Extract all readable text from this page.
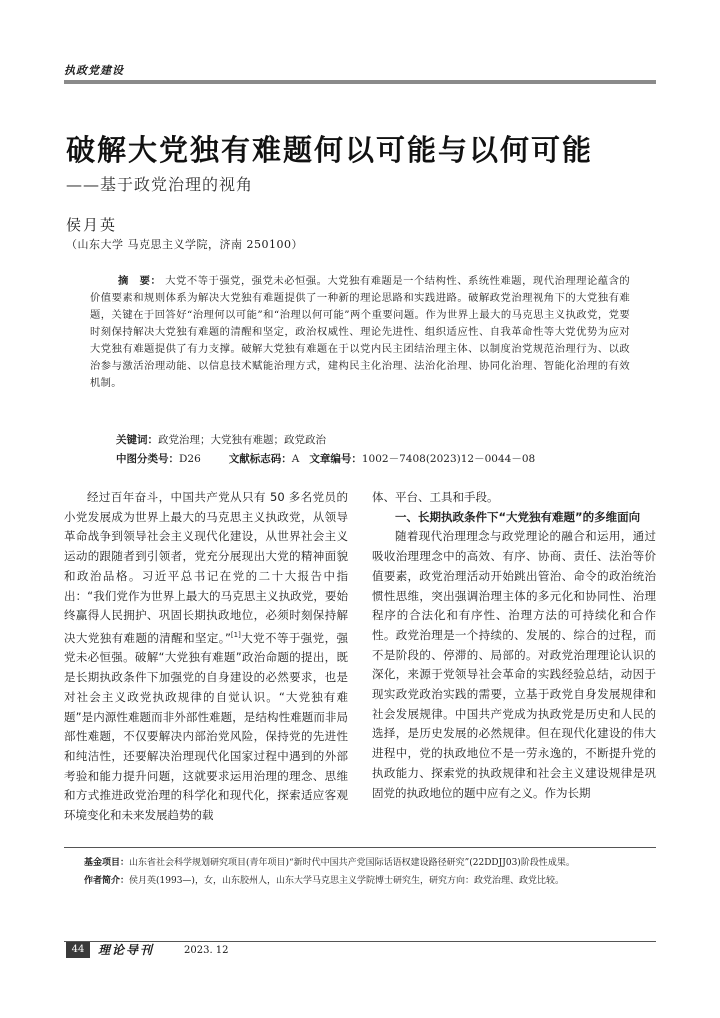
执政党建设
破解大党独有难题何以可能与以何可能
——基于政党治理的视角
侯月英
（山东大学 马克思主义学院，济南 250100）
摘　要： 大党不等于强党，强党未必恒强。大党独有难题是一个结构性、系统性难题，现代治理理论蕴含的价值要素和规则体系为解决大党独有难题提供了一种新的理论思路和实践进路。破解政党治理视角下的大党独有难题，关键在于回答好“治理何以可能”和“治理以何可能”两个重要问题。作为世界上最大的马克思主义执政党，党要时刻保持解决大党独有难题的清醒和坚定，政治权威性、理论先进性、组织适应性、自我革命性等大党优势为应对大党独有难题提供了有力支撑。破解大党独有难题在于以党内民主团结治理主体、以制度治党规范治理行为、以政治参与激活治理动能、以信息技术赋能治理方式，建构民主化治理、法治化治理、协同化治理、智能化治理的有效机制。
关键词：政党治理；大党独有难题；政党政治
中图分类号：D26	文献标志码：A 文章编号：1002－7408(2023)12－0044－08

经过百年奋斗，中国共产党从只有 50 多名党员的小党发展成为世界上最大的马克思主义执政党，从领导革命战争到领导社会主义现代化建设，从世界社会主义运动的跟随者到引领者，党充分展现出大党的精神面貌和政治品格。习近平总书记在党的二十大报告中指出：“我们党作为世界上最大的马克思主义执政党，要始终赢得人民拥护、巩固长期执政地位，必须时刻保持解决大党独有难题的清醒和坚定。”[1]大党不等于强党，强党未必恒强。破解“大党独有难题”政治命题的提出，既是长期执政条件下加强党的自身建设的必然要求，也是对社会主义政党执政规律的自觉认识。“大党独有难题”是内源性难题而非外部性难题，是结构性难题而非局部性难题，不仅要解决内部治党风险，保持党的先进性和纯洁性，还要解决治理现代化国家过程中遇到的外部考验和能力提升问题，这就要求运用治理的理念、思维和方式推进政党治理的科学化和现代化，探索适应客观环境变化和未来发展趋势的载

体、平台、工具和手段。

一、长期执政条件下“大党独有难题”的多维面向

随着现代治理理念与政党理论的融合和运用，通过吸收治理理念中的高效、有序、协商、责任、法治等价值要素，政党治理活动开始跳出管治、命令的政治统治惯性思维，突出强调治理主体的多元化和协同性、治理程序的合法化和有序性、治理方法的可持续化和合作性。政党治理是一个持续的、发展的、综合的过程，而不是阶段的、停滞的、局部的。对政党治理理论认识的深化，来源于党领导社会革命的实践经验总结，动因于现实政党政治实践的需要，立基于政党自身发展规律和社会发展规律。中国共产党成为执政党是历史和人民的选择，是历史发展的必然规律。但在现代化建设的伟大进程中，党的执政地位不是一劳永逸的，不断提升党的执政能力、探索党的执政规律和社会主义建设规律是巩固党的执政地位的题中应有之义。作为长期

基金项目：山东省社会科学规划研究项目(青年项目)“新时代中国共产党国际话语权建设路径研究”(22DDJJ03)阶段性成果。

作者简介：侯月英(1993—)，女，山东胶州人，山东大学马克思主义学院博士研究生，研究方向：政党治理、政党比较。

44	理论导刊	2023. 12
